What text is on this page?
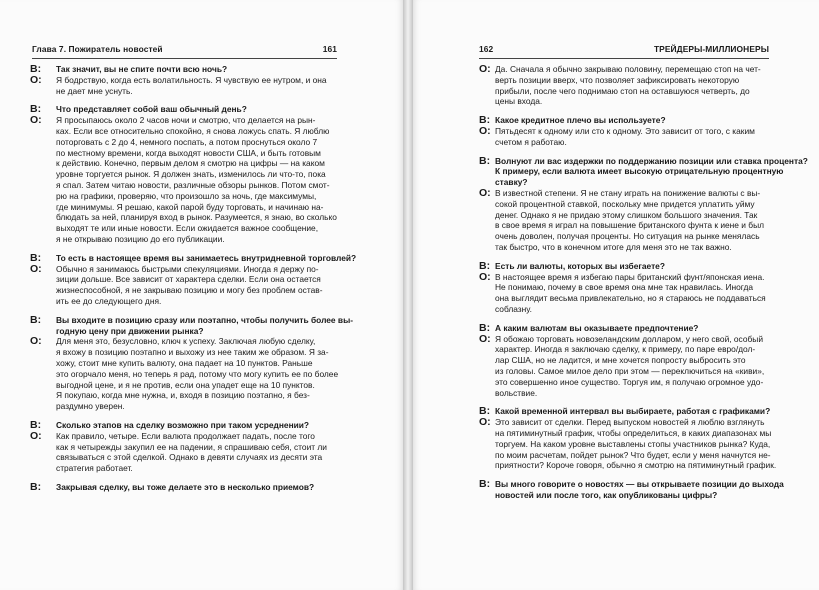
Глава 7. Пожиратель новостей	161
В: Так значит, вы не спите почти всю ночь?
О: Я бодрствую, когда есть волатильность. Я чувствую ее нутром, и она
не дает мне уснуть.
В: Что представляет собой ваш обычный день?
О: Я просыпаюсь около 2 часов ночи и смотрю, что делается на рын-
ках. Если все относительно спокойно, я снова ложусь спать. Я люблю
поторговать с 2 до 4, немного поспать, а потом проснуться около 7
по местному времени, когда выходят новости США, и быть готовым
к действию. Конечно, первым делом я смотрю на цифры — на каком
уровне торгуется рынок. Я должен знать, изменилось ли что-то, пока
я спал. Затем читаю новости, различные обзоры рынков. Потом смот-
рю на графики, проверяю, что произошло за ночь, где максимумы,
где минимумы. Я решаю, какой парой буду торговать, и начинаю на-
блюдать за ней, планируя вход в рынок. Разумеется, я знаю, во сколько
выходят те или иные новости. Если ожидается важное сообщение,
я не открываю позицию до его публикации.
В: То есть в настоящее время вы занимаетесь внутридневной торговлей?
О: Обычно я занимаюсь быстрыми спекуляциями. Иногда я держу по-
зиции дольше. Все зависит от характера сделки. Если она остается
жизнеспособной, я не закрываю позицию и могу без проблем остав-
ить ее до следующего дня.
В: Вы входите в позицию сразу или поэтапно, чтобы получить более вы-
годную цену при движении рынка?
О: Для меня это, безусловно, ключ к успеху. Заключая любую сделку,
я вхожу в позицию поэтапно и выхожу из нее таким же образом. Я за-
хожу, стоит мне купить валюту, она падает на 10 пунктов. Раньше
это огорчало меня, но теперь я рад, потому что могу купить ее по более
выгодной цене, и я не против, если она упадет еще на 10 пунктов.
Я покупаю, когда мне нужна, и, входя в позицию поэтапно, я без-
раздумно уверен.
В: Сколько этапов на сделку возможно при таком усреднении?
О: Как правило, четыре. Если валюта продолжает падать, после того
как я четырежды закупил ее на падении, я спрашиваю себя, стоит ли
связываться с этой сделкой. Однако в девяти случаях из десяти эта
стратегия работает.
В: Закрывая сделку, вы тоже делаете это в несколько приемов?
162	ТРЕЙДЕРЫ-МИЛЛИОНЕРЫ
О: Да. Сначала я обычно закрываю половину, перемещаю стоп на чет-
верть позиции вверх, что позволяет зафиксировать некоторую
прибыли, после чего поднимаю стоп на оставшуюся четверть, до
цены входа.
В: Какое кредитное плечо вы используете?
О: Пятьдесят к одному или сто к одному. Это зависит от того, с каким
счетом я работаю.
В: Волнуют ли вас издержки по поддержанию позиции или ставка процента?
К примеру, если валюта имеет высокую отрицательную процентную
ставку?
О: В известной степени. Я не стану играть на понижение валюты с вы-
сокой процентной ставкой, поскольку мне придется уплатить уйму
денег. Однако я не придаю этому слишком большого значения. Так
в свое время я играл на повышение британского фунта к иене и был
очень доволен, получая проценты. Но ситуация на рынке менялась
так быстро, что в конечном итоге для меня это не так важно.
В: Есть ли валюты, которых вы избегаете?
О: В настоящее время я избегаю пары британский фунт/японская иена.
Не понимаю, почему в свое время она мне так нравилась. Иногда
она выглядит весьма привлекательно, но я стараюсь не поддаваться
соблазну.
В: А каким валютам вы оказываете предпочтение?
О: Я обожаю торговать новозеландским долларом, у него свой, особый
характер. Иногда я заключаю сделку, к примеру, по паре евро/дол-
лар США, но не ладится, и мне хочется попросту выбросить это
из головы. Самое милое дело при этом — переключиться на «киви»,
это совершенно иное существо. Торгуя им, я получаю огромное удо-
вольствие.
В: Какой временной интервал вы выбираете, работая с графиками?
О: Это зависит от сделки. Перед выпуском новостей я люблю взглянуть
на пятиминутный график, чтобы определиться, в каких диапазонах мы
торгуем. На каком уровне выставлены стопы участников рынка? Куда,
по моим расчетам, пойдет рынок? Что будет, если у меня начнутся не-
приятности? Короче говоря, обычно я смотрю на пятиминутный график.
В: Вы много говорите о новостях — вы открываете позиции до выхода
новостей или после того, как опубликованы цифры?
